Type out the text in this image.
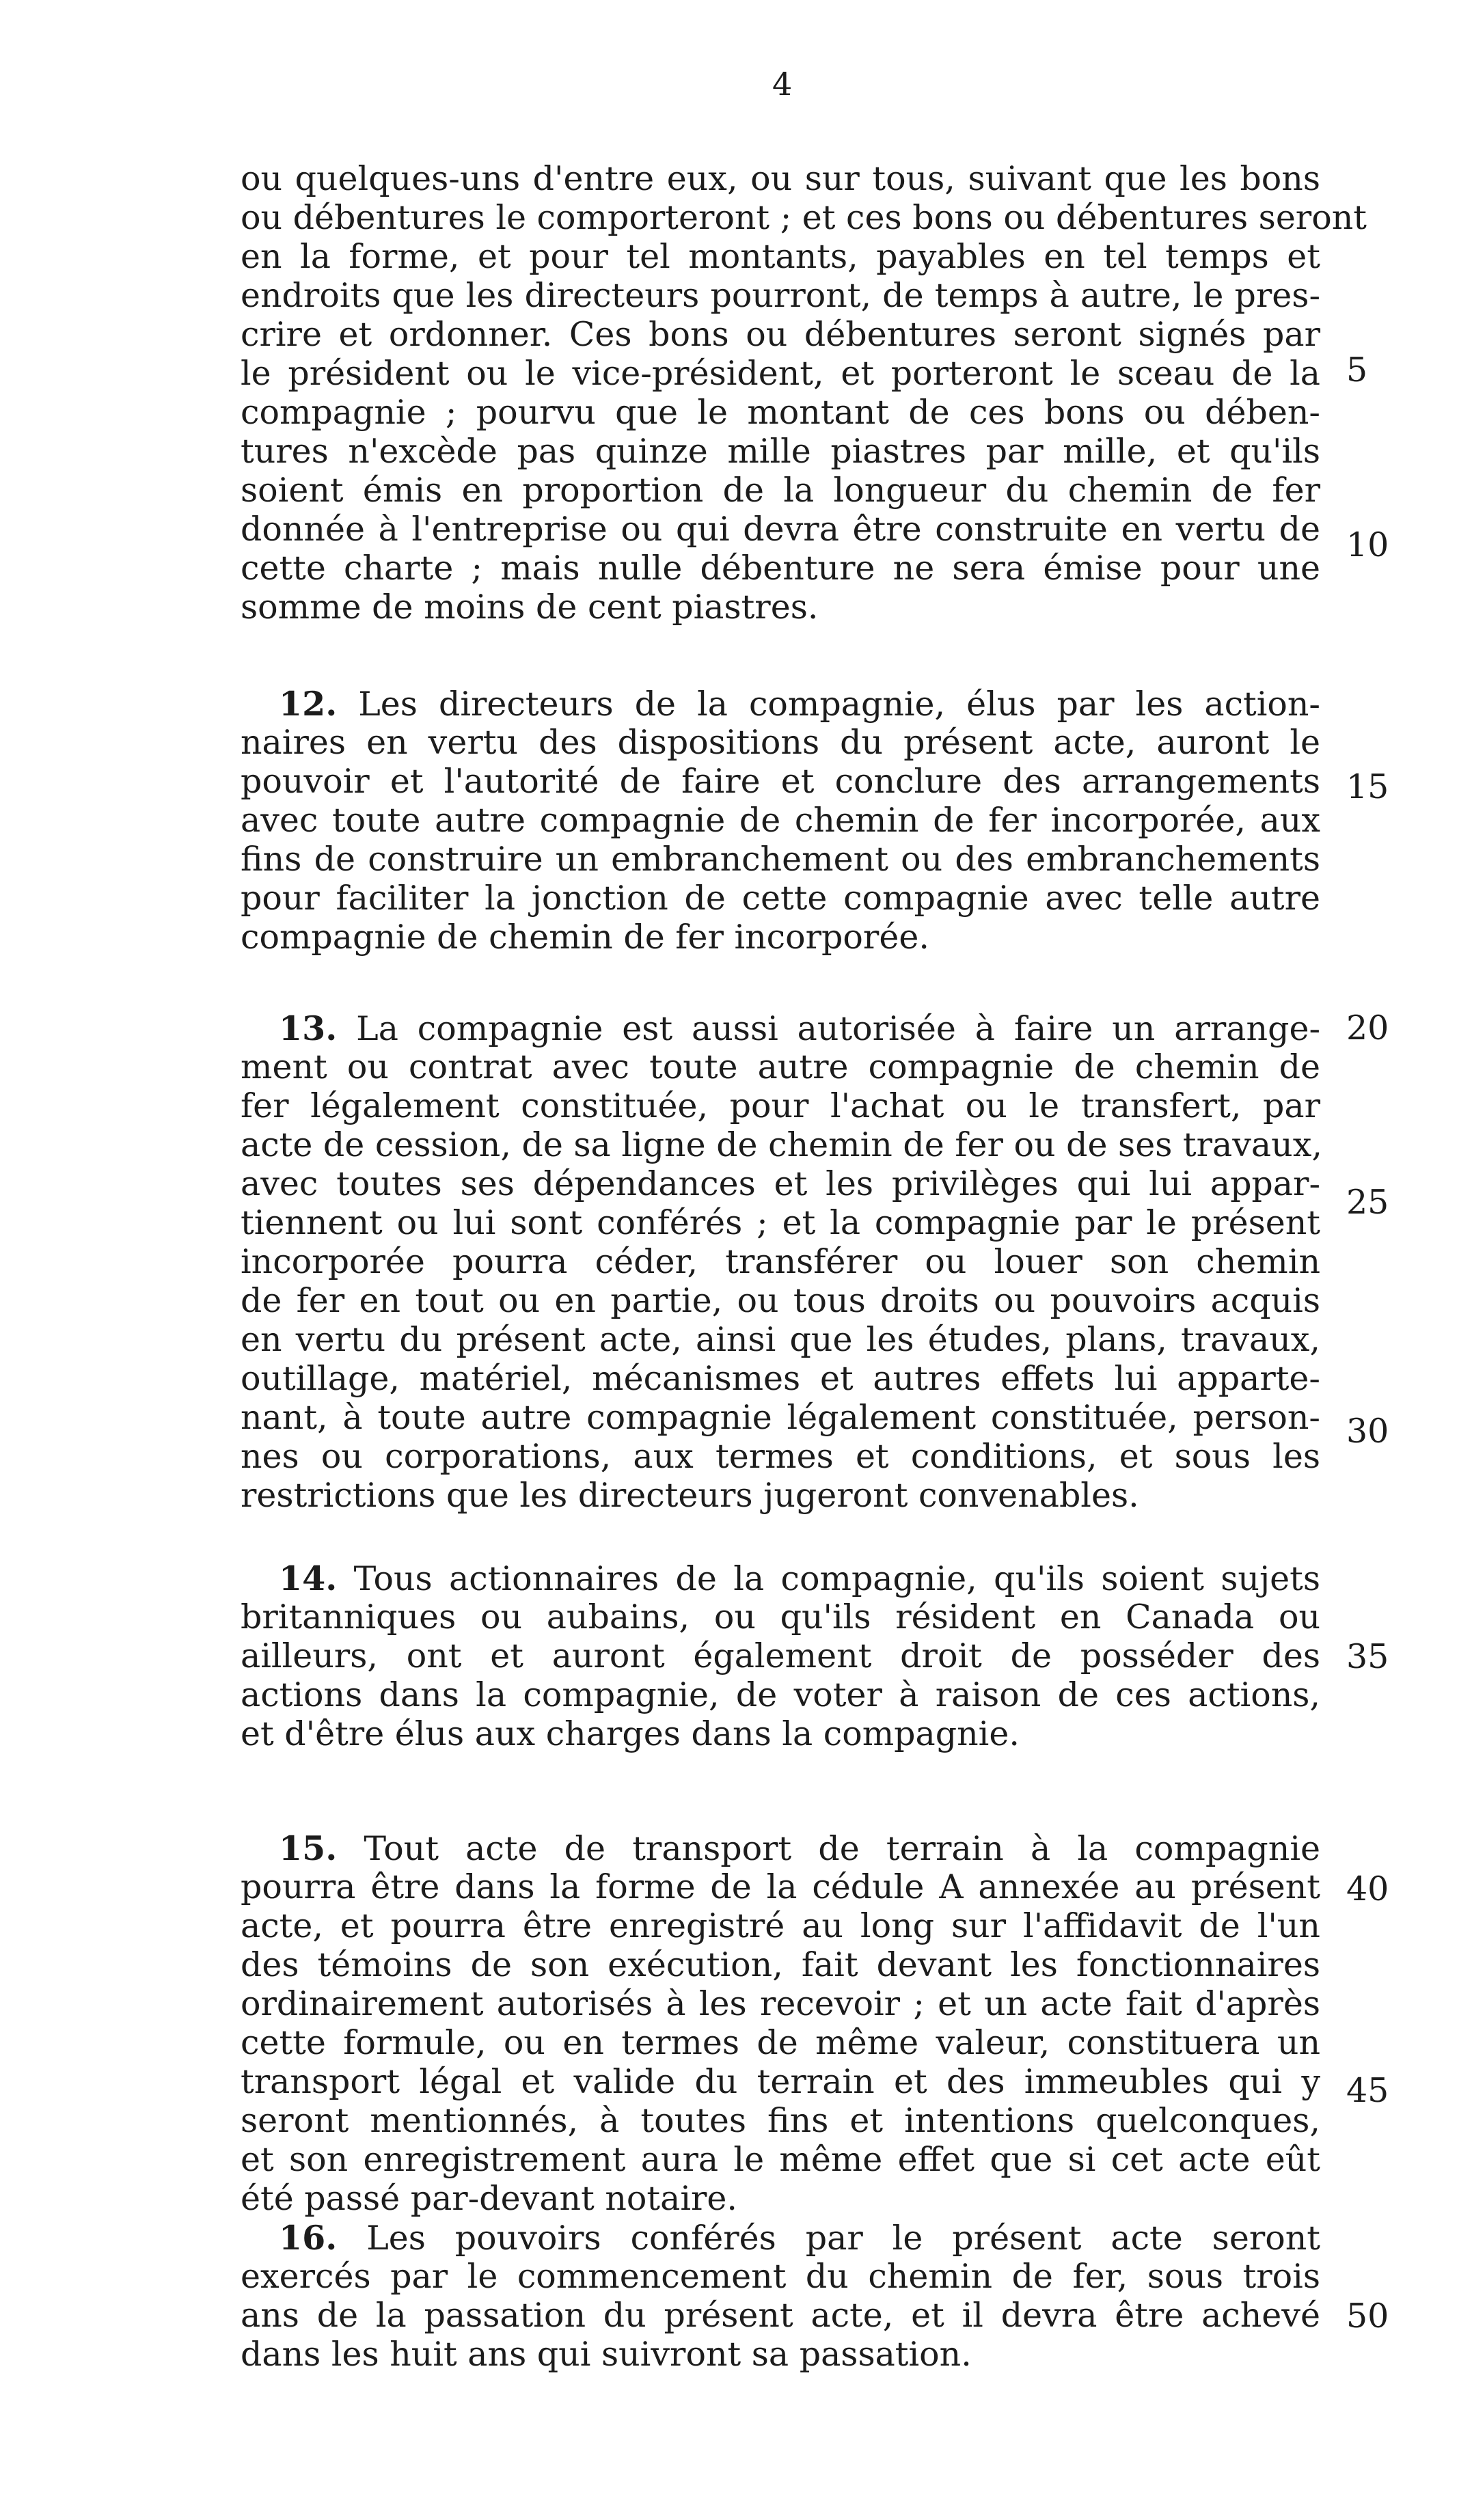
4
ou quelques-uns d'entre eux, ou sur tous, suivant que les bons
ou débentures le comporteront ; et ces bons ou débentures seront
en la forme, et pour tel montants, payables en tel temps et
endroits que les directeurs pourront, de temps à autre, le pres-
crire et ordonner. Ces bons ou débentures seront signés par
le président ou le vice-président, et porteront le sceau de la
compagnie ; pourvu que le montant de ces bons ou dében-
tures n'excède pas quinze mille piastres par mille, et qu'ils
soient émis en proportion de la longueur du chemin de fer
donnée à l'entreprise ou qui devra être construite en vertu de
cette charte ; mais nulle débenture ne sera émise pour une
somme de moins de cent piastres.
12. Les directeurs de la compagnie, élus par les action-
naires en vertu des dispositions du présent acte, auront le
pouvoir et l'autorité de faire et conclure des arrangements
avec toute autre compagnie de chemin de fer incorporée, aux
fins de construire un embranchement ou des embranchements
pour faciliter la jonction de cette compagnie avec telle autre
compagnie de chemin de fer incorporée.
13. La compagnie est aussi autorisée à faire un arrange-
ment ou contrat avec toute autre compagnie de chemin de
fer légalement constituée, pour l'achat ou le transfert, par
acte de cession, de sa ligne de chemin de fer ou de ses travaux,
avec toutes ses dépendances et les privilèges qui lui appar-
tiennent ou lui sont conférés ; et la compagnie par le présent
incorporée pourra céder, transférer ou louer son chemin
de fer en tout ou en partie, ou tous droits ou pouvoirs acquis
en vertu du présent acte, ainsi que les études, plans, travaux,
outillage, matériel, mécanismes et autres effets lui apparte-
nant, à toute autre compagnie légalement constituée, person-
nes ou corporations, aux termes et conditions, et sous les
restrictions que les directeurs jugeront convenables.
14. Tous actionnaires de la compagnie, qu'ils soient sujets
britanniques ou aubains, ou qu'ils résident en Canada ou
ailleurs, ont et auront également droit de posséder des
actions dans la compagnie, de voter à raison de ces actions,
et d'être élus aux charges dans la compagnie.
15. Tout acte de transport de terrain à la compagnie
pourra être dans la forme de la cédule A annexée au présent
acte, et pourra être enregistré au long sur l'affidavit de l'un
des témoins de son exécution, fait devant les fonctionnaires
ordinairement autorisés à les recevoir ; et un acte fait d'après
cette formule, ou en termes de même valeur, constituera un
transport légal et valide du terrain et des immeubles qui y
seront mentionnés, à toutes fins et intentions quelconques,
et son enregistrement aura le même effet que si cet acte eût
été passé par-devant notaire.
16. Les pouvoirs conférés par le présent acte seront
exercés par le commencement du chemin de fer, sous trois
ans de la passation du présent acte, et il devra être achevé
dans les huit ans qui suivront sa passation.
5
10
15
20
25
30
35
40
45
50
